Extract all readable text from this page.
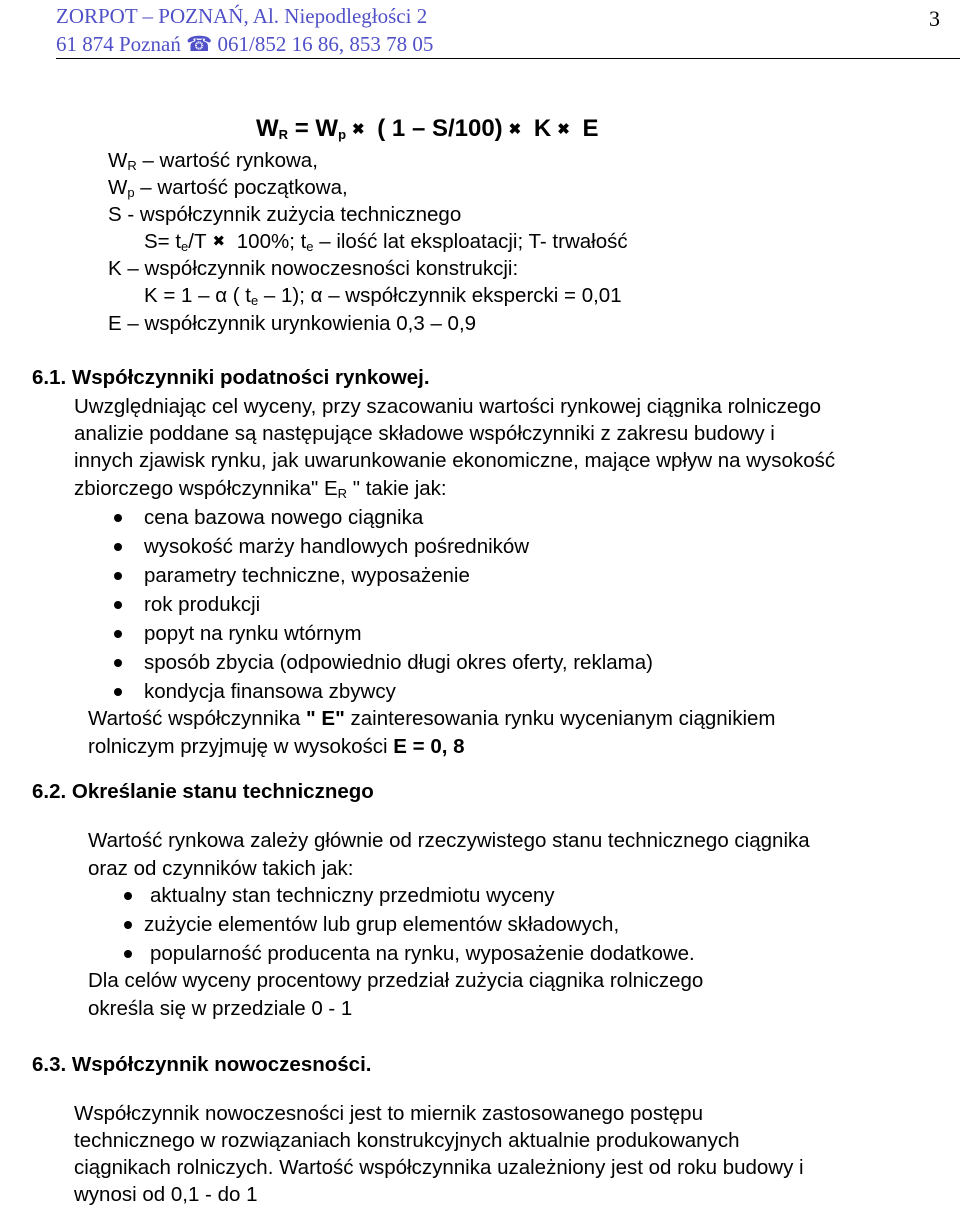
ZORPOT – POZNAŃ, Al. Niepodległości 2
61 874 Poznań ☎ 061/852 16 86, 853 78 05
3
$W_R = W_p$ ✖ ( 1 – S/100) ✖ K ✖ E
$W_R$ – wartość rynkowa,
$W_p$ – wartość początkowa,
S - współczynnik zużycia technicznego
$S= t_e/T$ ✖ 100%; $t_e$ – ilość lat eksploatacji; T- trwałość
K – współczynnik nowoczesności konstrukcji:
K = 1 – α ( $t_e - 1$); α – współczynnik ekspercki = 0,01
E – współczynnik urynkowienia 0,3 – 0,9
6.1. Współczynniki podatności rynkowej.
Uwzględniając cel wyceny, przy szacowaniu wartości rynkowej ciągnika rolniczego
analizie poddane są następujące składowe współczynniki z zakresu budowy i
innych zjawisk rynku, jak uwarunkowanie ekonomiczne, mające wpływ na wysokość
zbiorczego współczynnika" $E_R$ " takie jak:
cena bazowa nowego ciągnika
wysokość marży handlowych pośredników
parametry techniczne, wyposażenie
rok produkcji
popyt na rynku wtórnym
sposób zbycia (odpowiednio długi okres oferty, reklama)
kondycja finansowa zbywcy
Wartość współczynnika " E" zainteresowania rynku wycenianym ciągnikiem
rolniczym przyjmuję w wysokości E = 0, 8
6.2. Określanie stanu technicznego
Wartość rynkowa zależy głównie od rzeczywistego stanu technicznego ciągnika
oraz od czynników takich jak:
aktualny stan techniczny przedmiotu wyceny
zużycie elementów lub grup elementów składowych,
popularność producenta na rynku, wyposażenie dodatkowe.
Dla celów wyceny procentowy przedział zużycia ciągnika rolniczego
określa się w przedziale 0 - 1
6.3. Współczynnik nowoczesności.
Współczynnik nowoczesności jest to miernik zastosowanego postępu
technicznego w rozwiązaniach konstrukcyjnych aktualnie produkowanych
ciągnikach rolniczych. Wartość współczynnika uzależniony jest od roku budowy i
wynosi od 0,1 - do 1
